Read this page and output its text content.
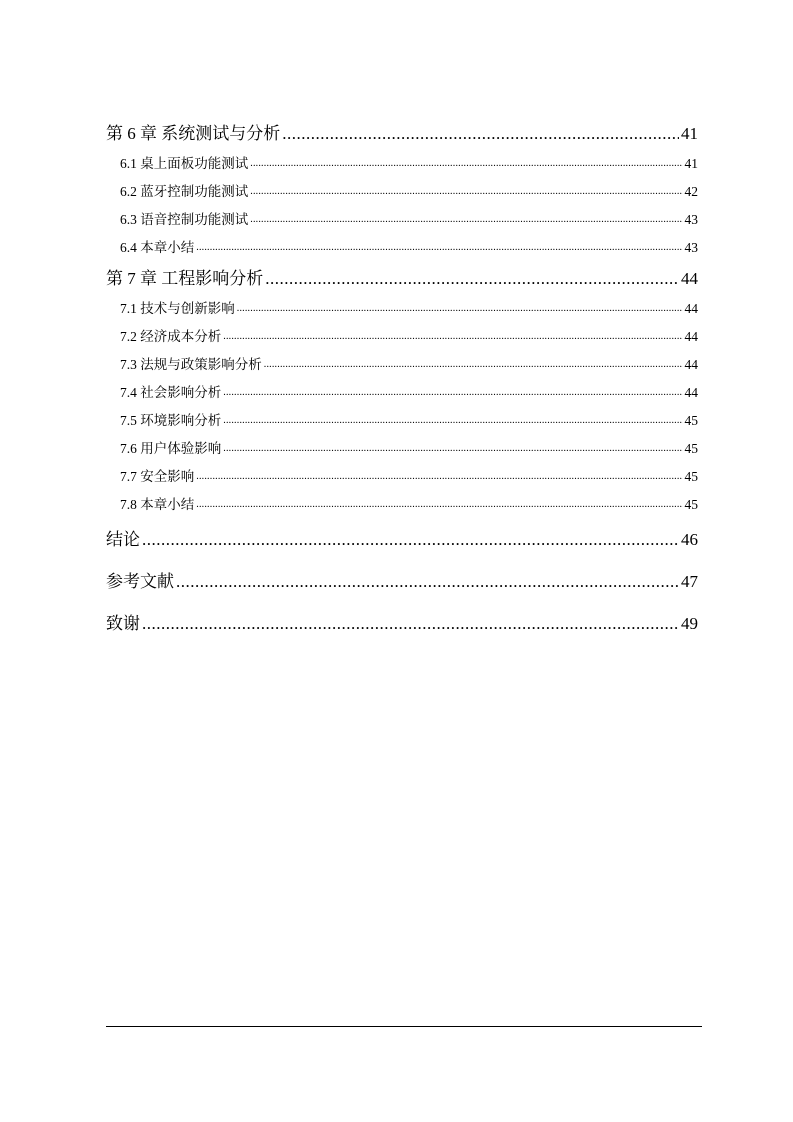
第 6 章 系统测试与分析 .....	41
6.1 桌上面板功能测试 .....	41
6.2 蓝牙控制功能测试 .....	42
6.3 语音控制功能测试 .....	43
6.4 本章小结 .....	43
第 7 章 工程影响分析 .....	44
7.1 技术与创新影响 .....	44
7.2 经济成本分析 .....	44
7.3 法规与政策影响分析 .....	44
7.4 社会影响分析 .....	44
7.5 环境影响分析 .....	45
7.6 用户体验影响 .....	45
7.7 安全影响 .....	45
7.8 本章小结 .....	45
结论 .....	46
参考文献 .....	47
致谢 .....	49
